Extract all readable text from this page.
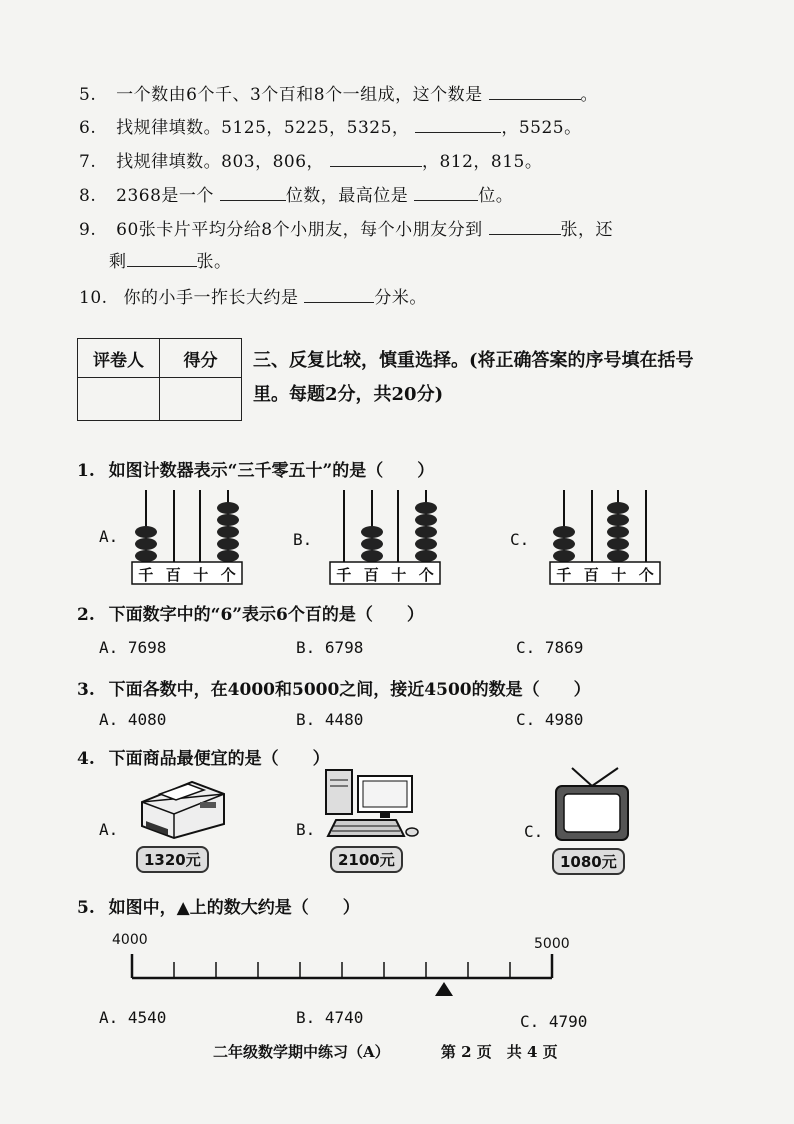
5. 一个数由6个千、3个百和8个一组成，这个数是	。
6. 找规律填数。5125，5225，5325，	，5525。
7. 找规律填数。803，806，	，812，815。
8. 2368是一个	位数，最高位是	位。
9. 60张卡片平均分给8个小朋友，每个小朋友分到	张，还
剩	张。
10. 你的小手一拃长大约是	分米。
评卷人	得分
	三、反复比较，慎重选择。(将正确答案的序号填在括号里。每题2分，共20分)
1. 如图计数器表示“三千零五十”的是（　　）
A.	B.	C.
千 百 十 个	千 百 十 个	千 百 十 个
2. 下面数字中的“6”表示6个百的是（　　）
A. 7698	B. 6798	C. 7869
3. 下面各数中，在4000和5000之间，接近4500的数是（　　）
A. 4080	B. 4480	C. 4980
4. 下面商品最便宜的是（　　）
A.	B.	C.
1320元	2100元	1080元
5. 如图中，▲上的数大约是（　　）
4000	5000
A. 4540	B. 4740	C. 4790
二年级数学期中练习（A）	第 2 页　共 4 页
